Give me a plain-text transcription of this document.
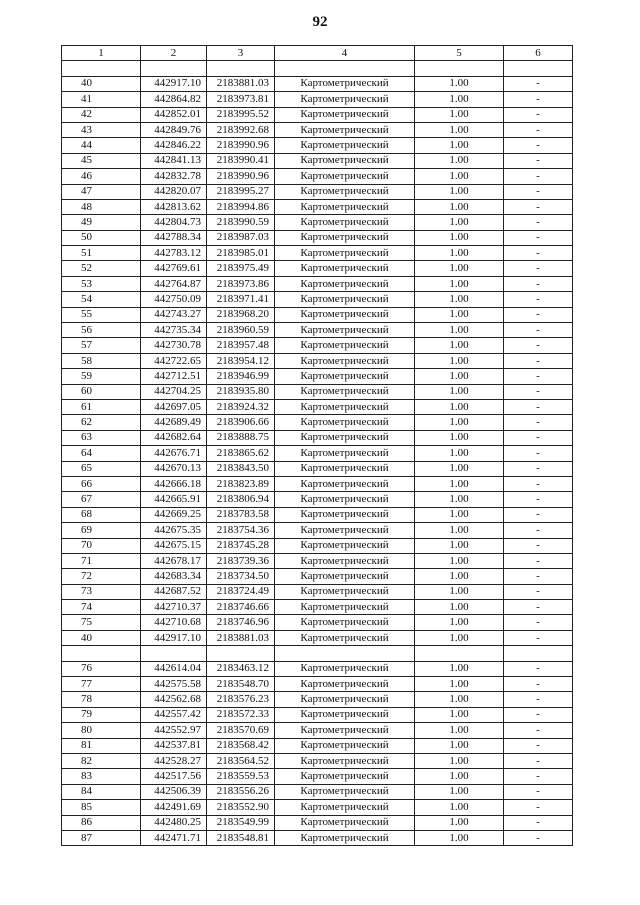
92
1	2	3	4	5	6

40	442917.10	2183881.03	Картометрический	1.00	-
41	442864.82	2183973.81	Картометрический	1.00	-
42	442852.01	2183995.52	Картометрический	1.00	-
43	442849.76	2183992.68	Картометрический	1.00	-
44	442846.22	2183990.96	Картометрический	1.00	-
45	442841.13	2183990.41	Картометрический	1.00	-
46	442832.78	2183990.96	Картометрический	1.00	-
47	442820.07	2183995.27	Картометрический	1.00	-
48	442813.62	2183994.86	Картометрический	1.00	-
49	442804.73	2183990.59	Картометрический	1.00	-
50	442788.34	2183987.03	Картометрический	1.00	-
51	442783.12	2183985.01	Картометрический	1.00	-
52	442769.61	2183975.49	Картометрический	1.00	-
53	442764.87	2183973.86	Картометрический	1.00	-
54	442750.09	2183971.41	Картометрический	1.00	-
55	442743.27	2183968.20	Картометрический	1.00	-
56	442735.34	2183960.59	Картометрический	1.00	-
57	442730.78	2183957.48	Картометрический	1.00	-
58	442722.65	2183954.12	Картометрический	1.00	-
59	442712.51	2183946.99	Картометрический	1.00	-
60	442704.25	2183935.80	Картометрический	1.00	-
61	442697.05	2183924.32	Картометрический	1.00	-
62	442689.49	2183906.66	Картометрический	1.00	-
63	442682.64	2183888.75	Картометрический	1.00	-
64	442676.71	2183865.62	Картометрический	1.00	-
65	442670.13	2183843.50	Картометрический	1.00	-
66	442666.18	2183823.89	Картометрический	1.00	-
67	442665.91	2183806.94	Картометрический	1.00	-
68	442669.25	2183783.58	Картометрический	1.00	-
69	442675.35	2183754.36	Картометрический	1.00	-
70	442675.15	2183745.28	Картометрический	1.00	-
71	442678.17	2183739.36	Картометрический	1.00	-
72	442683.34	2183734.50	Картометрический	1.00	-
73	442687.52	2183724.49	Картометрический	1.00	-
74	442710.37	2183746.66	Картометрический	1.00	-
75	442710.68	2183746.96	Картометрический	1.00	-
40	442917.10	2183881.03	Картометрический	1.00	-

76	442614.04	2183463.12	Картометрический	1.00	-
77	442575.58	2183548.70	Картометрический	1.00	-
78	442562.68	2183576.23	Картометрический	1.00	-
79	442557.42	2183572.33	Картометрический	1.00	-
80	442552.97	2183570.69	Картометрический	1.00	-
81	442537.81	2183568.42	Картометрический	1.00	-
82	442528.27	2183564.52	Картометрический	1.00	-
83	442517.56	2183559.53	Картометрический	1.00	-
84	442506.39	2183556.26	Картометрический	1.00	-
85	442491.69	2183552.90	Картометрический	1.00	-
86	442480.25	2183549.99	Картометрический	1.00	-
87	442471.71	2183548.81	Картометрический	1.00	-
